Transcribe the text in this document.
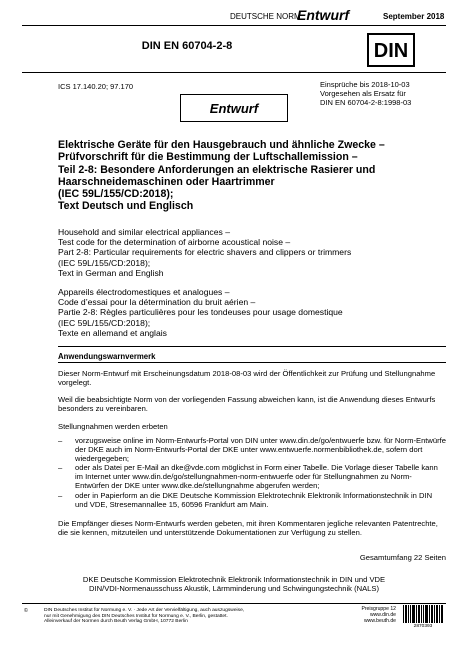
DEUTSCHE NORM
Entwurf	September 2018
DIN EN 60704-2-8	DIN
ICS 17.140.20; 97.170	Einsprüche bis 2018-10-03
Vorgesehen als Ersatz für
DIN EN 60704-2-8:1998-03
Entwurf
Elektrische Geräte für den Hausgebrauch und ähnliche Zwecke –
Prüfvorschrift für die Bestimmung der Luftschallemission –
Teil 2-8: Besondere Anforderungen an elektrische Rasierer und
Haarschneidemaschinen oder Haartrimmer
(IEC 59L/155/CD:2018);
Text Deutsch und Englisch
Household and similar electrical appliances –
Test code for the determination of airborne acoustical noise –
Part 2-8: Particular requirements for electric shavers and clippers or trimmers
(IEC 59L/155/CD:2018);
Text in German and English
Appareils électrodomestiques et analogues –
Code d’essai pour la détermination du bruit aérien –
Partie 2-8: Règles particulières pour les tondeuses pour usage domestique
(IEC 59L/155/CD:2018);
Texte en allemand et anglais
Anwendungswarnvermerk
Dieser Norm-Entwurf mit Erscheinungsdatum 2018-08-03 wird der Öffentlichkeit zur Prüfung und Stellungnahme vorgelegt.
Weil die beabsichtigte Norm von der vorliegenden Fassung abweichen kann, ist die Anwendung dieses Entwurfs besonders zu vereinbaren.
Stellungnahmen werden erbeten
–	vorzugsweise online im Norm-Entwurfs-Portal von DIN unter www.din.de/go/entwuerfe bzw. für Norm-Entwürfe der DKE auch im Norm-Entwurfs-Portal der DKE unter www.entwuerfe.normenbibliothek.de, sofern dort wiedergegeben;
–	oder als Datei per E-Mail an dke@vde.com möglichst in Form einer Tabelle. Die Vorlage dieser Tabelle kann im Internet unter www.din.de/go/stellungnahmen-norm-entwuerfe oder für Stellungnahmen zu Norm-Entwürfen der DKE unter www.dke.de/stellungnahme abgerufen werden;
–	oder in Papierform an die DKE Deutsche Kommission Elektrotechnik Elektronik Informationstechnik in DIN und VDE, Stresemannallee 15, 60596 Frankfurt am Main.
Die Empfänger dieses Norm-Entwurfs werden gebeten, mit ihren Kommentaren jegliche relevanten Patentrechte, die sie kennen, mitzuteilen und unterstützende Dokumentationen zur Verfügung zu stellen.
Gesamtumfang 22 Seiten
DKE Deutsche Kommission Elektrotechnik Elektronik Informationstechnik in DIN und VDE
DIN/VDI-Normenausschuss Akustik, Lärmminderung und Schwingungstechnik (NALS)
©	DIN Deutsches Institut für Normung e. V. · Jede Art der Vervielfältigung, auch auszugsweise,
nur mit Genehmigung des DIN Deutsches Institut für Normung e. V., Berlin, gestattet.
Alleinverkauf der Normen durch Beuth Verlag GmbH, 10772 Berlin
Preisgruppe 12
www.din.de
www.beuth.de
2870393
